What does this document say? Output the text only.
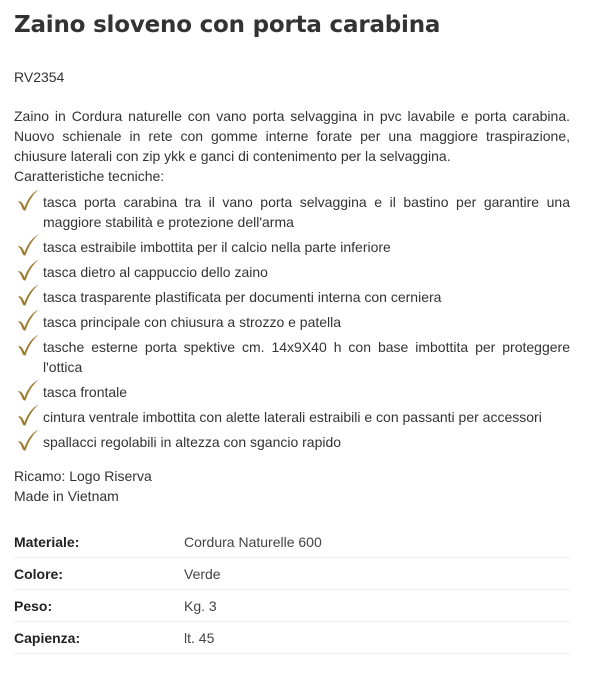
Zaino sloveno con porta carabina
RV2354

Zaino in Cordura naturelle con vano porta selvaggina in pvc lavabile e porta carabina. Nuovo schienale in rete con gomme interne forate per una maggiore traspirazione, chiusure laterali con zip ykk e ganci di contenimento per la selvaggina.

Caratteristiche tecniche:

tasca porta carabina tra il vano porta selvaggina e il bastino per garantire una maggiore stabilità e protezione dell'arma
tasca estraibile imbottita per il calcio nella parte inferiore
tasca dietro al cappuccio dello zaino
tasca trasparente plastificata per documenti interna con cerniera
tasca principale con chiusura a strozzo e patella
tasche esterne porta spektive cm. 14x9X40 h con base imbottita per proteggere l'ottica
tasca frontale
cintura ventrale imbottita con alette laterali estraibili e con passanti per accessori
spallacci regolabili in altezza con sgancio rapido

Ricamo: Logo Riserva

Made in Vietnam

Materiale:	Cordura Naturelle 600
Colore:	Verde
Peso:	Kg. 3
Capienza:	lt. 45
